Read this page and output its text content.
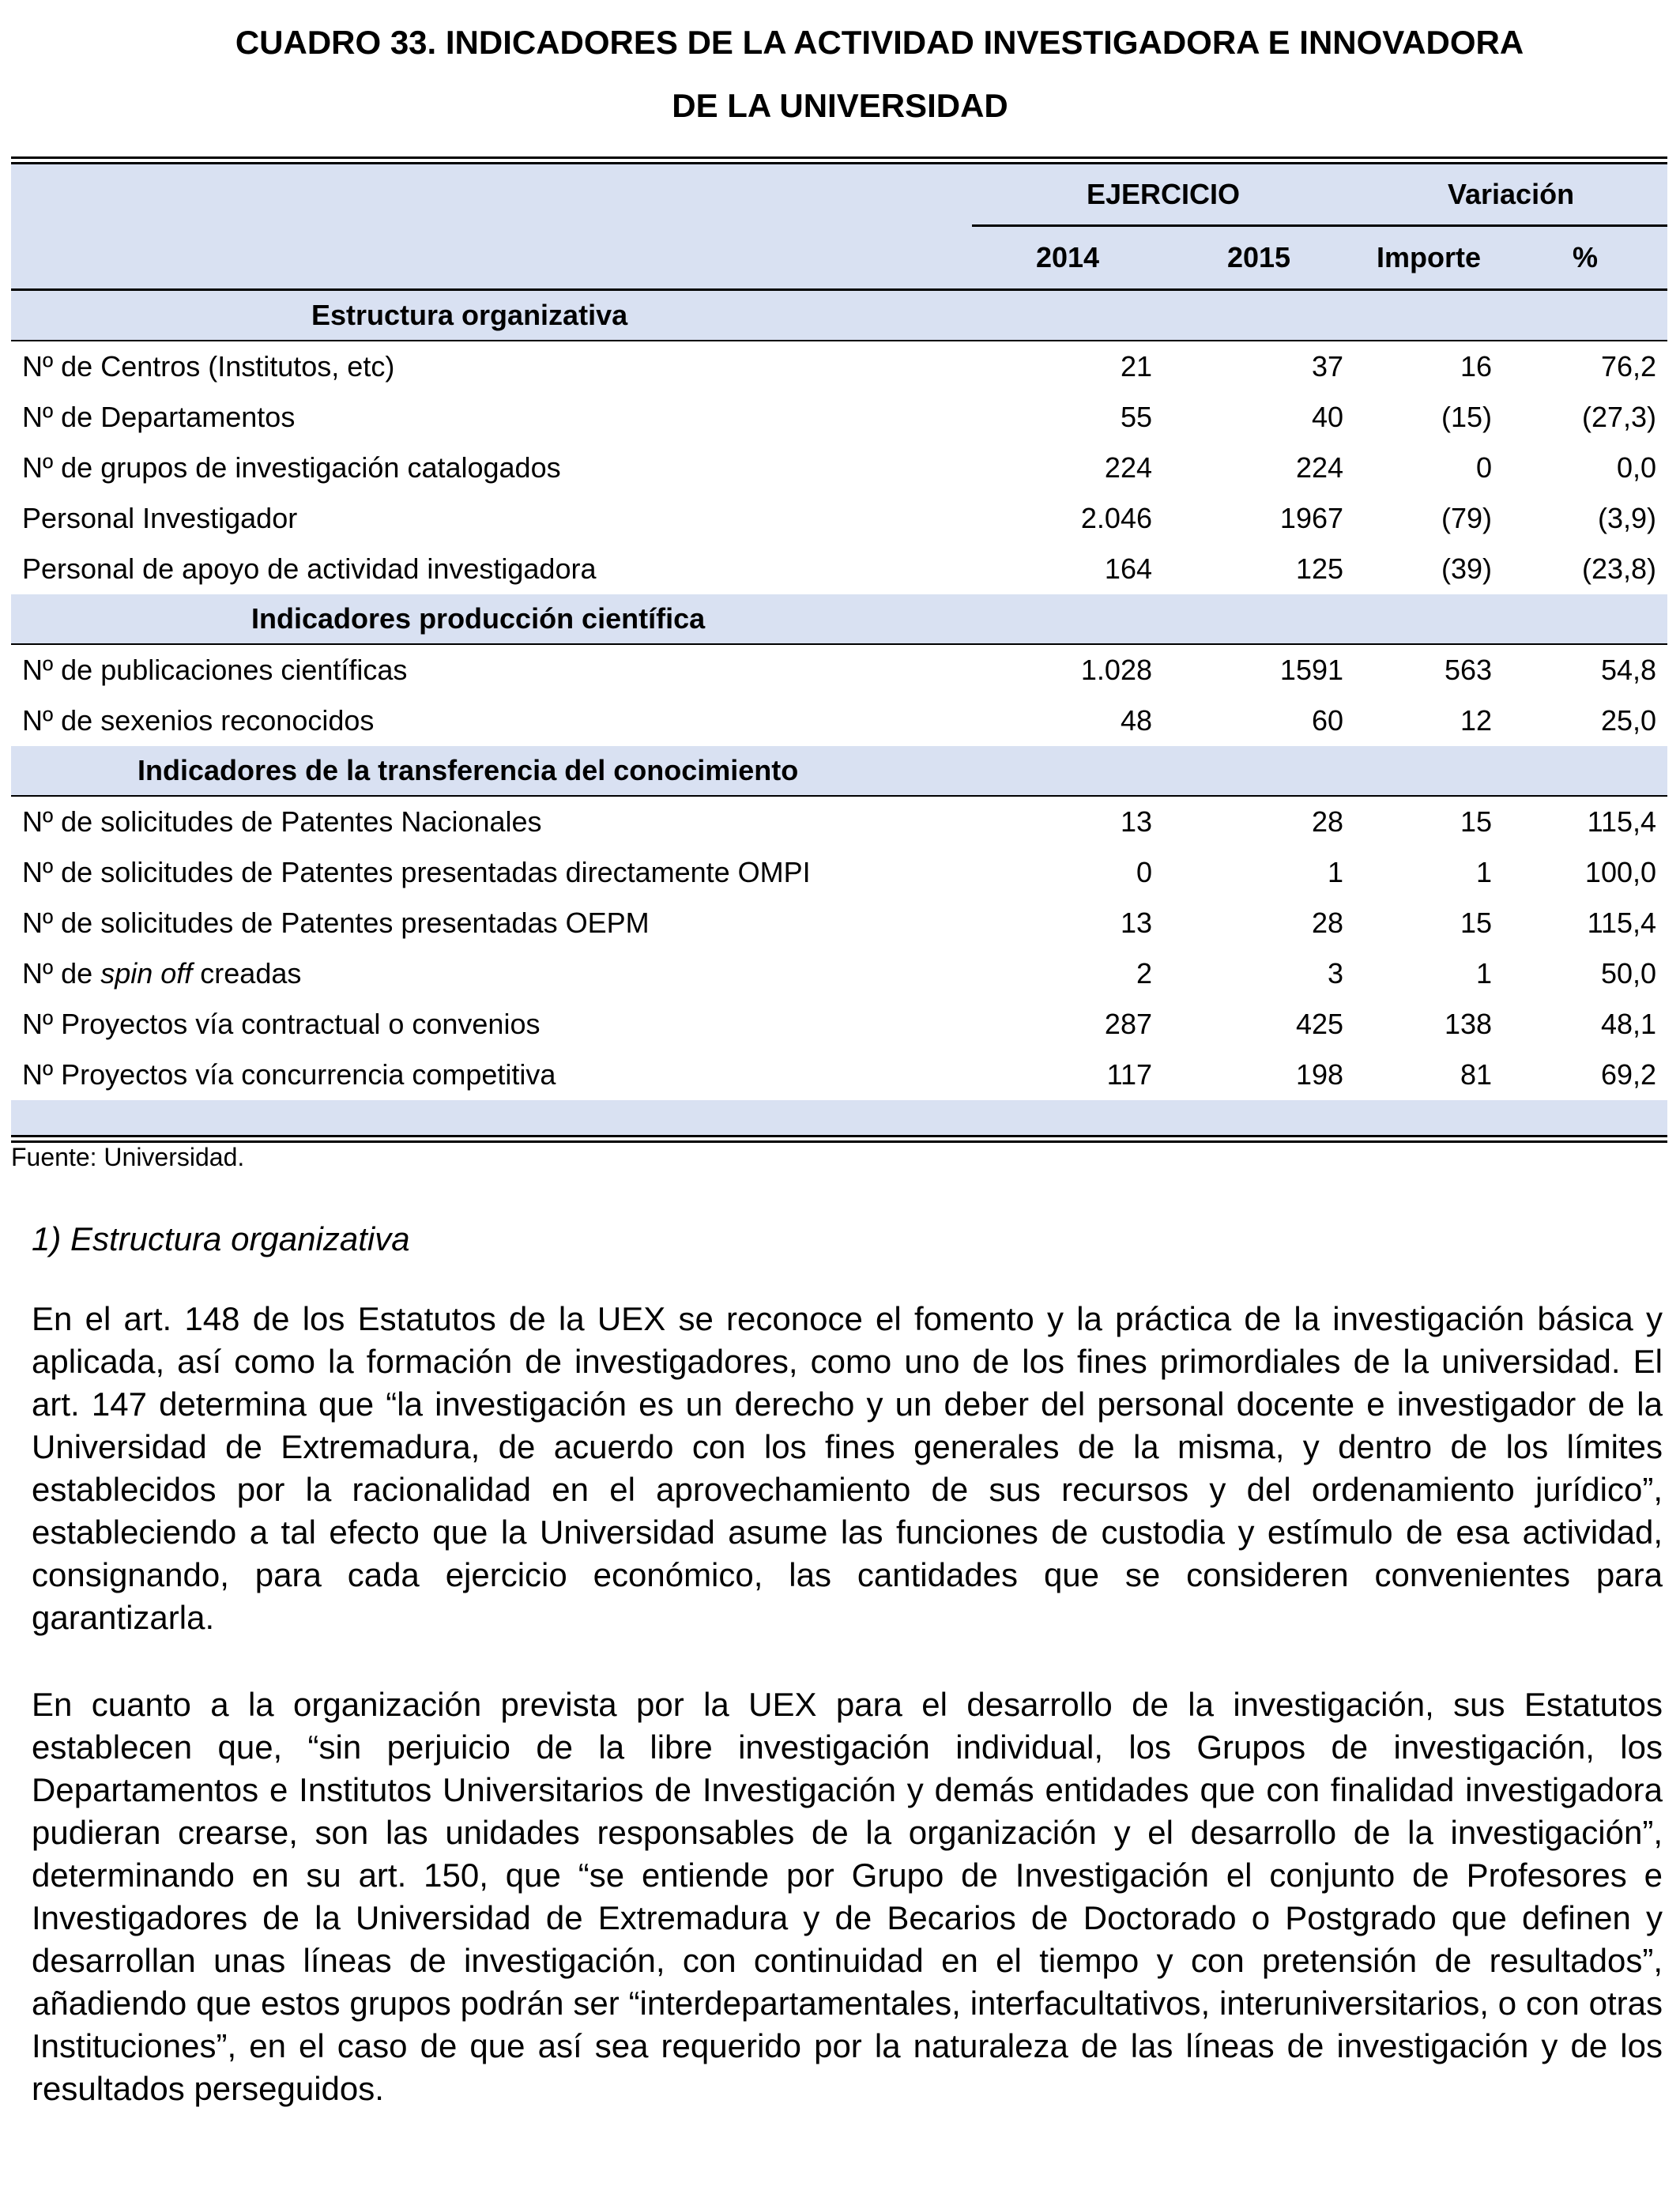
CUADRO 33. INDICADORES DE LA ACTIVIDAD INVESTIGADORA E INNOVADORA
DE LA UNIVERSIDAD
	EJERCICIO		Variación	
	2014	2015	Importe	%
Estructura organizativa				
Nº de Centros (Institutos, etc)	21	37	16	76,2
Nº de Departamentos	55	40	(15)	(27,3)
Nº de grupos de investigación catalogados	224	224	0	0,0
Personal Investigador	2.046	1967	(79)	(3,9)
Personal de apoyo de actividad investigadora	164	125	(39)	(23,8)
Indicadores producción científica				
Nº de publicaciones científicas	1.028	1591	563	54,8
Nº de sexenios reconocidos	48	60	12	25,0
Indicadores de la transferencia del conocimiento				
Nº de solicitudes de Patentes Nacionales	13	28	15	115,4
Nº de solicitudes de Patentes presentadas directamente OMPI	0	1	1	100,0
Nº de solicitudes de Patentes presentadas OEPM	13	28	15	115,4
Nº de spin off creadas	2	3	1	50,0
Nº Proyectos vía contractual o convenios	287	425	138	48,1
Nº Proyectos vía concurrencia competitiva	117	198	81	69,2

Fuente: Universidad.
1) Estructura organizativa
En el art. 148 de los Estatutos de la UEX se reconoce el fomento y la práctica de la investigación básica y aplicada, así como la formación de investigadores, como uno de los fines primordiales de la universidad. El art. 147 determina que “la investigación es un derecho y un deber del personal docente e investigador de la Universidad de Extremadura, de acuerdo con los fines generales de la misma, y dentro de los límites establecidos por la racionalidad en el aprovechamiento de sus recursos y del ordenamiento jurídico”, estableciendo a tal efecto que la Universidad asume las funciones de custodia y estímulo de esa actividad, consignando, para cada ejercicio económico, las cantidades que se consideren convenientes para garantizarla.
En cuanto a la organización prevista por la UEX para el desarrollo de la investigación, sus Estatutos establecen que, “sin perjuicio de la libre investigación individual, los Grupos de investigación, los Departamentos e Institutos Universitarios de Investigación y demás entidades que con finalidad investigadora pudieran crearse, son las unidades responsables de la organización y el desarrollo de la investigación”, determinando en su art. 150, que “se entiende por Grupo de Investigación el conjunto de Profesores e Investigadores de la Universidad de Extremadura y de Becarios de Doctorado o Postgrado que definen y desarrollan unas líneas de investigación, con continuidad en el tiempo y con pretensión de resultados”, añadiendo que estos grupos podrán ser “interdepartamentales, interfacultativos, interuniversitarios, o con otras Instituciones”, en el caso de que así sea requerido por la naturaleza de las líneas de investigación y de los resultados perseguidos.
